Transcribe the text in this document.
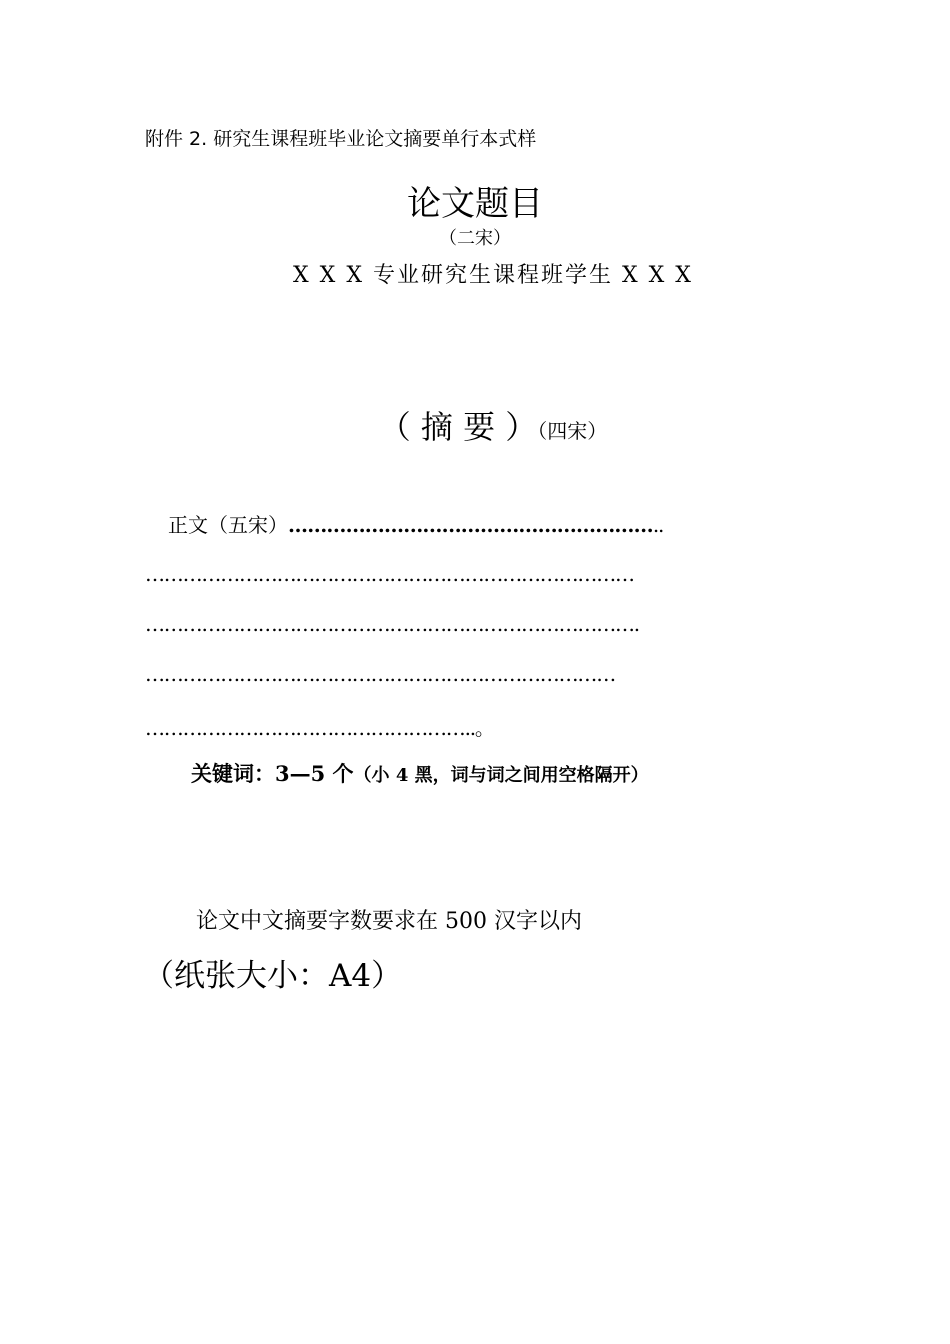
附件 2. 研究生课程班毕业论文摘要单行本式样
论文题目
（二宋）
X X X 专业研究生课程班学生 X X X
（ 摘 要 ）（四宋）
正文（五宋）…………………………………………………..
……………………………………………………………………
…………………………………………………………………….
…………………………………………………………………
……………………………………………..。
关键词：3—5 个（小 4 黑，词与词之间用空格隔开）
论文中文摘要字数要求在 500 汉字以内
（纸张大小：A4）
